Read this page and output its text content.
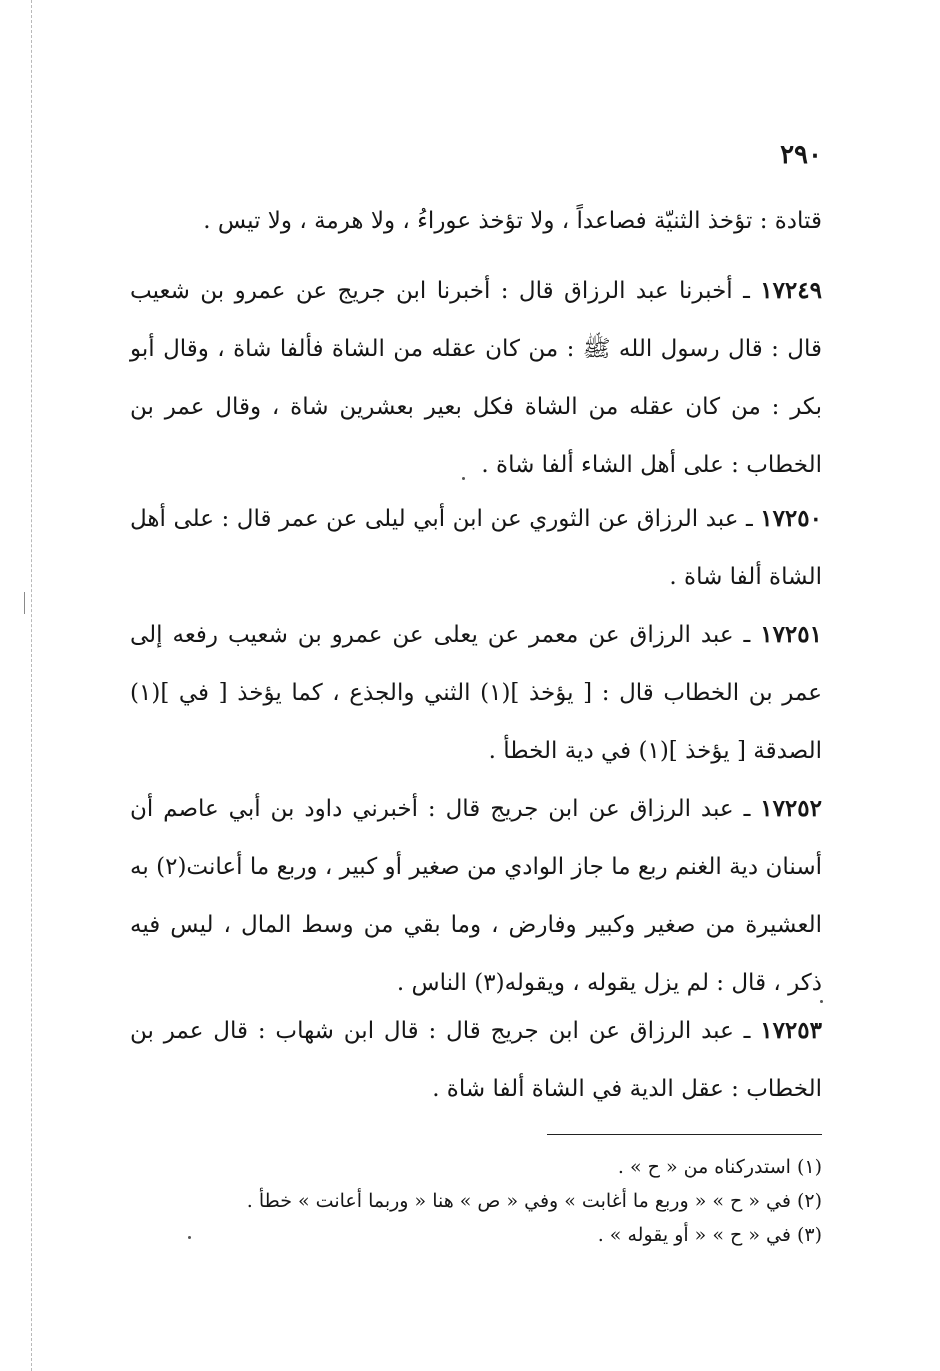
٢٩٠

قتادة : تؤخذ الثنيّة فصاعداً ، ولا تؤخذ عوراءُ ، ولا هرمة ، ولا تيس .

١٧٢٤٩ ـ أخبرنا عبد الرزاق قال : أخبرنا ابن جريج عن عمرو بن شعيب قال : قال رسول الله ﷺ : من كان عقله من الشاة فألفا شاة ، وقال أبو بكر : من كان عقله من الشاة فكل بعير بعشرين شاة ، وقال عمر بن الخطاب : على أهل الشاء ألفا شاة .

١٧٢٥٠ ـ عبد الرزاق عن الثوري عن ابن أبي ليلى عن عمر قال : على أهل الشاة ألفا شاة .

١٧٢٥١ ـ عبد الرزاق عن معمر عن يعلى عن عمرو بن شعيب رفعه إلى عمر بن الخطاب قال : [ يؤخذ ](١) الثني والجذع ، كما يؤخذ [ في ](١) الصدقة [ يؤخذ ](١) في دية الخطأ .

١٧٢٥٢ ـ عبد الرزاق عن ابن جريج قال : أخبرني داود بن أبي عاصم أن أسنان دية الغنم ربع ما جاز الوادي من صغير أو كبير ، وربع ما أعانت(٢) به العشيرة من صغير وكبير وفارض ، وما بقي من وسط المال ، ليس فيه ذكر ، قال : لم يزل يقوله ، ويقوله(٣) الناس .

١٧٢٥٣ ـ عبد الرزاق عن ابن جريج قال : قال ابن شهاب : قال عمر بن الخطاب : عقل الدية في الشاة ألفا شاة .

(١) استدركناه من « ح » .
(٢) في « ح » « وربع ما أغابت » وفي « ص » هنا « وربما أعانت » خطأ .
(٣) في « ح » « أو يقوله » .
